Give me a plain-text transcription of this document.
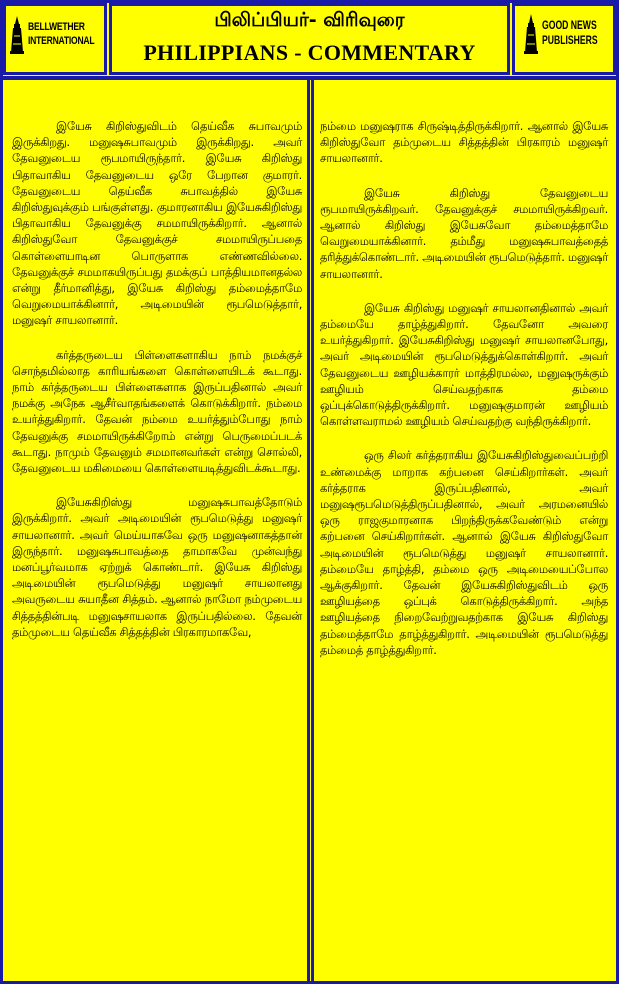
BELLWETHER
INTERNATIONAL
பிலிப்பியர்- விரிவுரை
PHILIPPIANS - COMMENTARY
GOOD NEWS
PUBLISHERS

இயேசு கிறிஸ்துவிடம் தெய்வீக சுபாவமும் இருக்கிறது. மனுஷசுபாவமும் இருக்கிறது. அவர் தேவனுடைய ரூபமாயிருந்தார். இயேசு கிறிஸ்து பிதாவாகிய தேவனுடைய ஒரே பேறான குமாரர். தேவனுடைய தெய்வீக சுபாவத்தில் இயேசு கிறிஸ்துவுக்கும் பங்குள்ளது. குமாரனாகிய இயேசுகிறிஸ்து பிதாவாகிய தேவனுக்கு சமமாயிருக்கிறார். ஆனால் கிறிஸ்துவோ தேவனுக்குச் சமமாயிருப்பதை கொள்ளையாடின பொருளாக எண்ணவில்லை. தேவனுக்குச் சமமாகயிருப்பது தமக்குப் பாத்தியமானதல்ல என்று தீர்மானித்து, இயேசு கிறிஸ்து தம்மைத்தாமே வெறுமையாக்கினார், அடிமையின் ரூபமெடுத்தார், மனுஷர் சாயலானார்.

கர்த்தருடைய பிள்ளைகளாகிய நாம் நமக்குச் சொந்தமில்லாத காரியங்களை கொள்ளையிடக் கூடாது. நாம் கர்த்தருடைய பிள்ளைகளாக இருப்பதினால் அவர் நமக்கு அநேக ஆசீர்வாதங்களைக் கொடுக்கிறார். நம்மை உயர்த்துகிறார். தேவன் நம்மை உயர்த்தும்போது நாம் தேவனுக்கு சமமாயிருக்கிறோம் என்று பெருமைப்படக் கூடாது. நாமும் தேவனும் சமமானவர்கள் என்று சொல்லி, தேவனுடைய மகிமையை கொள்ளையடித்துவிடக்கூடாது.

இயேசுகிறிஸ்து மனுஷசுபாவத்தோடும் இருக்கிறார். அவர் அடிமையின் ரூபமெடுத்து மனுஷர் சாயலானார். அவர் மெய்யாகவே ஒரு மனுஷனாகத்தான் இருந்தார். மனுஷசுபாவத்தை தாமாகவே முன்வந்து மனப்பூர்வமாக ஏற்றுக் கொண்டார். இயேசு கிறிஸ்து அடிமையின் ரூபமெடுத்து மனுஷர் சாயலானது அவருடைய சுயாதீன சித்தம். ஆனால் நாமோ நம்முடைய சித்தத்தின்படி மனுஷசாயலாக இருப்பதில்லை. தேவன் தம்முடைய தெய்வீக சித்தத்தின் பிரகாரமாகவே,

நம்மை மனுஷராக சிருஷ்டித்திருக்கிறார். ஆனால் இயேசு கிறிஸ்துவோ தம்முடைய சித்தத்தின் பிரகாரம் மனுஷர் சாயலானார்.

இயேசு கிறிஸ்து தேவனுடைய ரூபமாயிருக்கிறவர். தேவனுக்குச் சமமாயிருக்கிறவர். ஆனால் கிறிஸ்து இயேசுவோ தம்மைத்தாமே வெறுமையாக்கினார். தம்மீது மனுஷசுபாவத்தைத் தரித்துக்கொண்டார். அடிமையின் ரூபமெடுத்தார். மனுஷர் சாயலானார்.

இயேசு கிறிஸ்து மனுஷர் சாயலானதினால் அவர் தம்மையே தாழ்த்துகிறார். தேவனோ அவரை உயர்த்துகிறார். இயேசுகிறிஸ்து மனுஷர் சாயலானபோது, அவர் அடிமையின் ரூபமெடுத்துக்கொள்கிறார். அவர் தேவனுடைய ஊழியக்காரர் மாத்திரமல்ல, மனுஷருக்கும் ஊழியம் செய்வதற்காக தம்மை ஒப்புக்கொடுத்திருக்கிறார். மனுஷகுமாரன் ஊழியம் கொள்ளவராமல் ஊழியம் செய்வதற்கு வந்திருக்கிறார்.

ஒரு சிலர் கர்த்தராகிய இயேசுகிறிஸ்துவைப்பற்றி உண்மைக்கு மாறாக கற்பனை செய்கிறார்கள். அவர் கர்த்தராக இருப்பதினால், அவர் மனுஷரூபமெடுத்திருப்பதினால், அவர் அரமனையில் ஒரு ராஜகுமாரனாக பிறந்திருக்கவேண்டும் என்று கற்பனை செய்கிறார்கள். ஆனால் இயேசு கிறிஸ்துவோ அடிமையின் ரூபமெடுத்து மனுஷர் சாயலானார். தம்மையே தாழ்த்தி, தம்மை ஒரு அடிமையைப்போல ஆக்குகிறார். தேவன் இயேசுகிறிஸ்துவிடம் ஒரு ஊழியத்தை ஒப்புக் கொடுத்திருக்கிறார். அந்த ஊழியத்தை நிறைவேற்றுவதற்காக இயேசு கிறிஸ்து தம்மைத்தாமே தாழ்த்துகிறார். அடிமையின் ரூபமெடுத்து தம்மைத் தாழ்த்துகிறார்.
